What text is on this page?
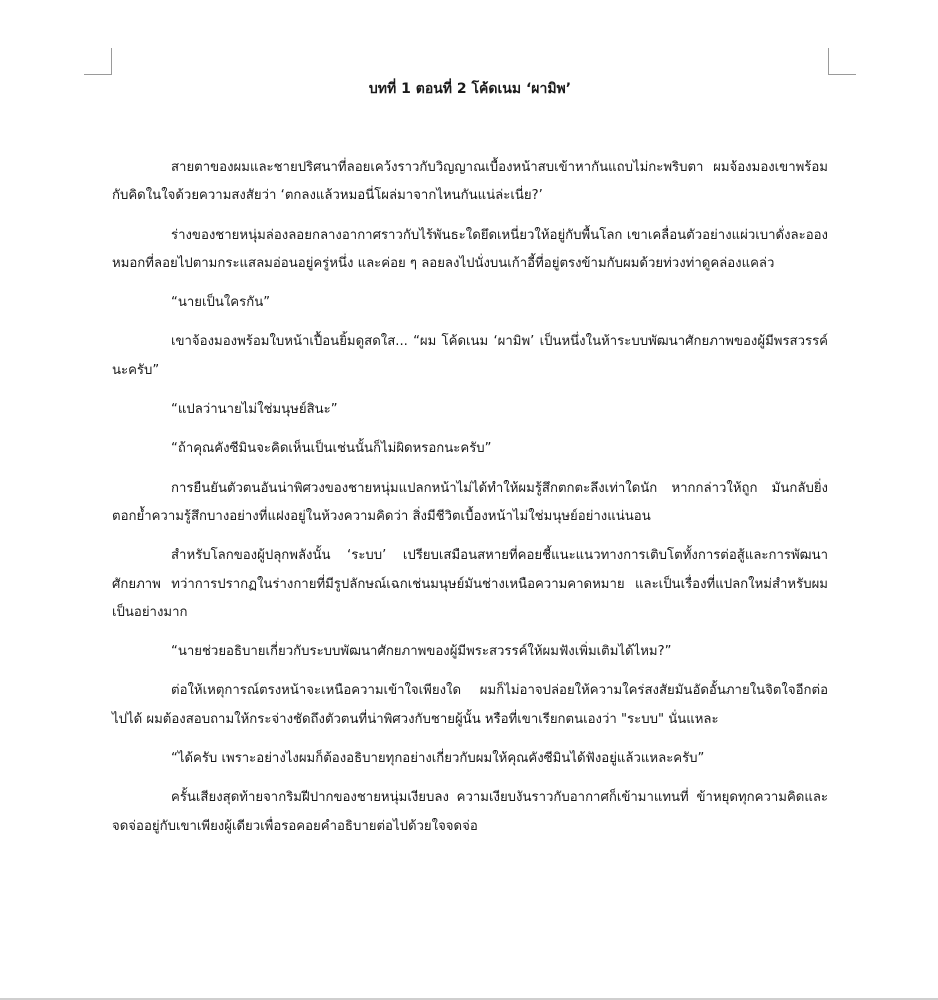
บทที่ 1 ตอนที่ 2 โค้ดเนม ‘ผามิพ’

สายตาของผมและชายปริศนาที่ลอยเคว้งราวกับวิญญาณเบื้องหน้าสบเข้าหากันแถบไม่กะพริบตา ผมจ้องมองเขาพร้อมกับคิดในใจด้วยความสงสัยว่า ‘ตกลงแล้วหมอนี่โผล่มาจากไหนกันแน่ล่ะเนี่ย?’

ร่างของชายหนุ่มล่องลอยกลางอากาศราวกับไร้พันธะใดยึดเหนี่ยวให้อยู่กับพื้นโลก เขาเคลื่อนตัวอย่างแผ่วเบาดั่งละอองหมอกที่ลอยไปตามกระแสลมอ่อนอยู่ครู่หนึ่ง และค่อย ๆ ลอยลงไปนั่งบนเก้าอี้ที่อยู่ตรงข้ามกับผมด้วยท่วงท่าดูคล่องแคล่ว

“นายเป็นใครกัน”

เขาจ้องมองพร้อมใบหน้าเปื้อนยิ้มดูสดใส... “ผม โค้ดเนม ‘ผามิพ’ เป็นหนึ่งในห้าระบบพัฒนาศักยภาพของผู้มีพรสวรรค์นะครับ”

“แปลว่านายไม่ใช่มนุษย์สินะ”

“ถ้าคุณคังซีมินจะคิดเห็นเป็นเช่นนั้นก็ไม่ผิดหรอกนะครับ”

การยืนยันตัวตนอันน่าพิศวงของชายหนุ่มแปลกหน้าไม่ได้ทำให้ผมรู้สึกตกตะลึงเท่าใดนัก หากกล่าวให้ถูก มันกลับยิ่งตอกย้ำความรู้สึกบางอย่างที่แฝงอยู่ในห้วงความคิดว่า สิ่งมีชีวิตเบื้องหน้าไม่ใช่มนุษย์อย่างแน่นอน

สำหรับโลกของผู้ปลุกพลังนั้น ‘ระบบ’ เปรียบเสมือนสหายที่คอยชี้แนะแนวทางการเติบโตทั้งการต่อสู้และการพัฒนาศักยภาพ ทว่าการปรากฏในร่างกายที่มีรูปลักษณ์เฉกเช่นมนุษย์มันช่างเหนือความคาดหมาย และเป็นเรื่องที่แปลกใหม่สำหรับผมเป็นอย่างมาก

“นายช่วยอธิบายเกี่ยวกับระบบพัฒนาศักยภาพของผู้มีพระสวรรค์ให้ผมฟังเพิ่มเติมได้ไหม?”

ต่อให้เหตุการณ์ตรงหน้าจะเหนือความเข้าใจเพียงใด ผมก็ไม่อาจปล่อยให้ความใคร่สงสัยมันอัดอั้นภายในจิตใจอีกต่อไปได้ ผมต้องสอบถามให้กระจ่างชัดถึงตัวตนที่น่าพิศวงกับชายผู้นั้น หรือที่เขาเรียกตนเองว่า "ระบบ" นั่นแหละ

“ได้ครับ เพราะอย่างไงผมก็ต้องอธิบายทุกอย่างเกี่ยวกับผมให้คุณคังซีมินได้ฟังอยู่แล้วแหละครับ”

ครั้นเสียงสุดท้ายจากริมฝีปากของชายหนุ่มเงียบลง ความเงียบงันราวกับอากาศก็เข้ามาแทนที่ ข้าหยุดทุกความคิดและจดจ่ออยู่กับเขาเพียงผู้เดียวเพื่อรอคอยคำอธิบายต่อไปด้วยใจจดจ่อ
